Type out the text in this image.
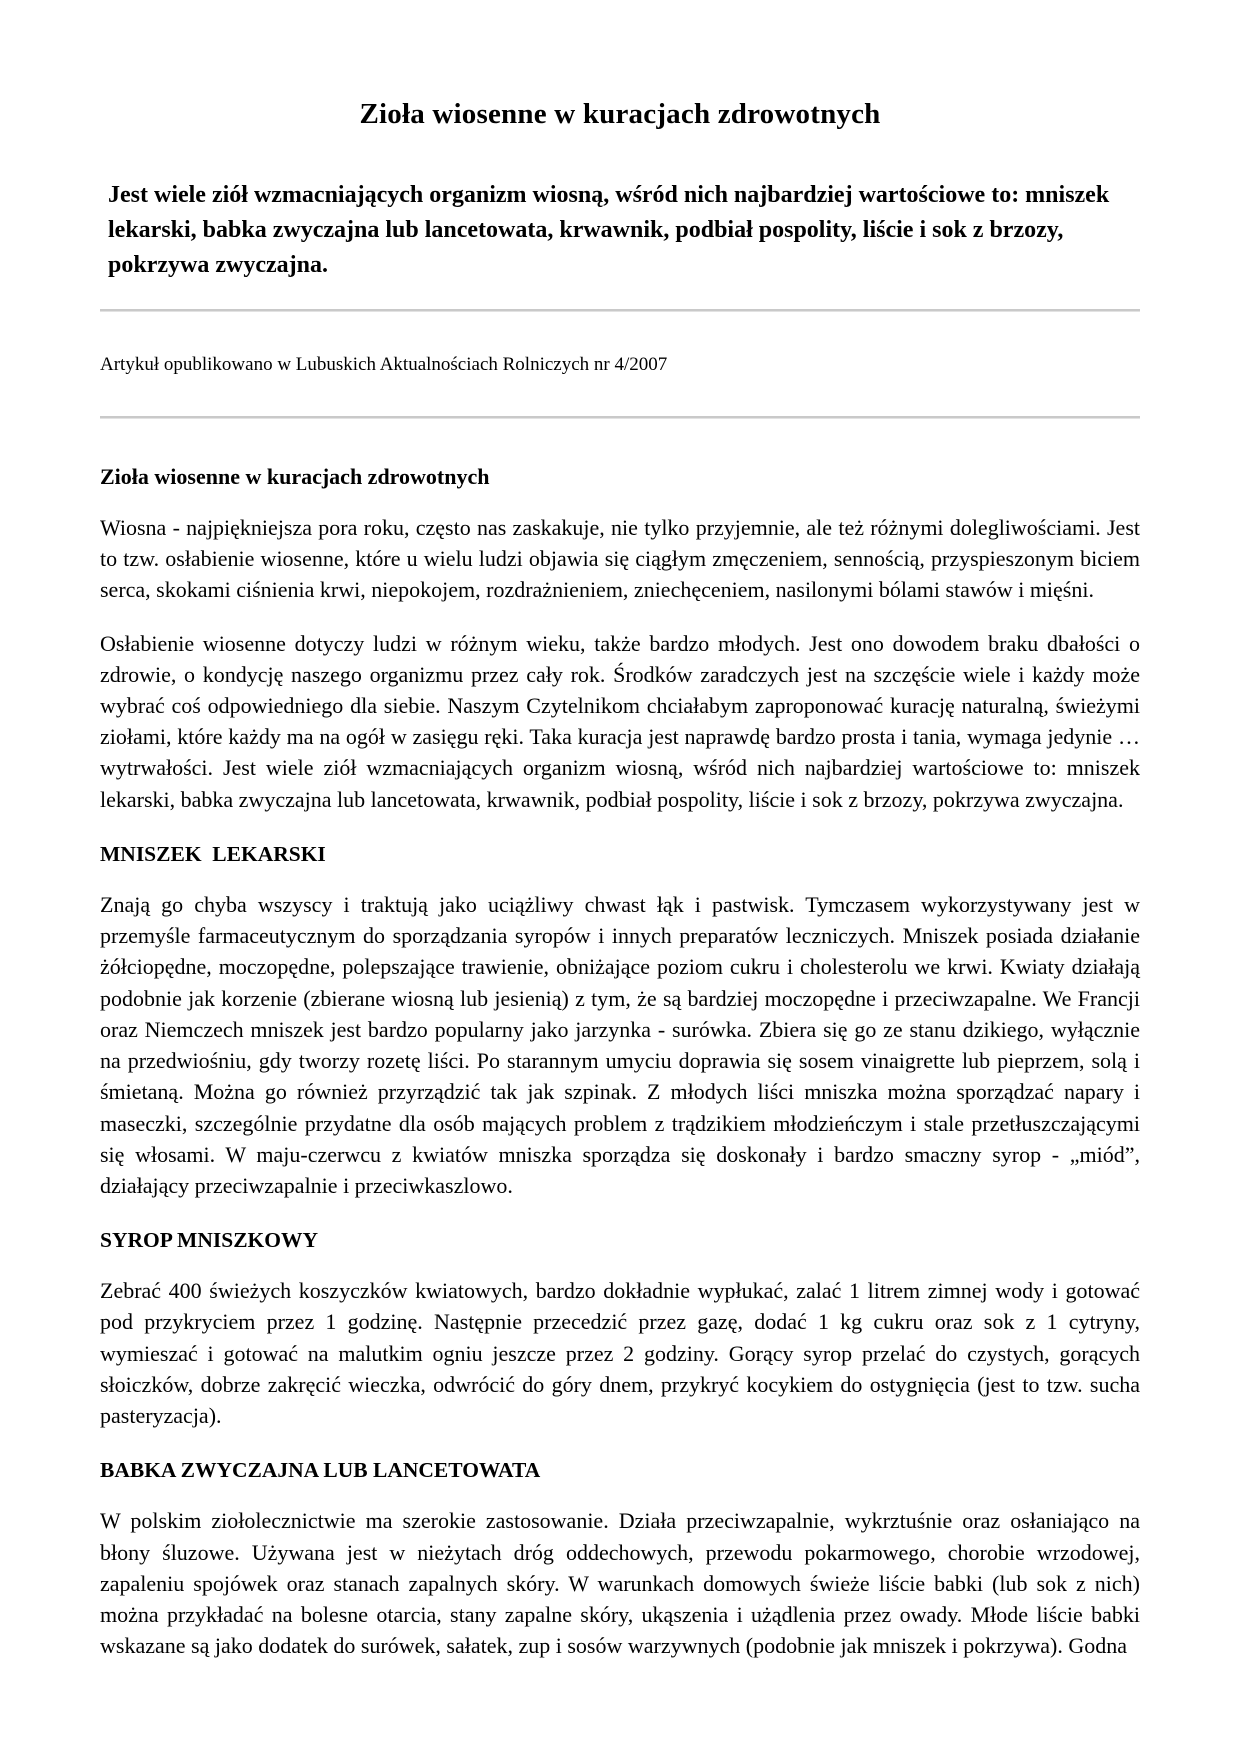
Zioła wiosenne w kuracjach zdrowotnych

Jest wiele ziół wzmacniających organizm wiosną, wśród nich najbardziej wartościowe to: mniszek lekarski, babka zwyczajna lub lancetowata, krwawnik, podbiał pospolity, liście i sok z brzozy, pokrzywa zwyczajna.

Artykuł opublikowano w Lubuskich Aktualnościach Rolniczych nr 4/2007

Zioła wiosenne w kuracjach zdrowotnych

Wiosna - najpiękniejsza pora roku, często nas zaskakuje, nie tylko przyjemnie, ale też różnymi dolegliwościami. Jest to tzw. osłabienie wiosenne, które u wielu ludzi objawia się ciągłym zmęczeniem, sennością, przyspieszonym biciem serca, skokami ciśnienia krwi, niepokojem, rozdrażnieniem, zniechęceniem, nasilonymi bólami stawów i mięśni.

Osłabienie wiosenne dotyczy ludzi w różnym wieku, także bardzo młodych. Jest ono dowodem braku dbałości o zdrowie, o kondycję naszego organizmu przez cały rok. Środków zaradczych jest na szczęście wiele i każdy może wybrać coś odpowiedniego dla siebie. Naszym Czytelnikom chciałabym zaproponować kurację naturalną, świeżymi ziołami, które każdy ma na ogół w zasięgu ręki. Taka kuracja jest naprawdę bardzo prosta i tania, wymaga jedynie … wytrwałości. Jest wiele ziół wzmacniających organizm wiosną, wśród nich najbardziej wartościowe to: mniszek lekarski, babka zwyczajna lub lancetowata, krwawnik, podbiał pospolity, liście i sok z brzozy, pokrzywa zwyczajna.

MNISZEK  LEKARSKI

Znają go chyba wszyscy i traktują jako uciążliwy chwast łąk i pastwisk. Tymczasem wykorzystywany jest w przemyśle farmaceutycznym do sporządzania syropów i innych preparatów leczniczych. Mniszek posiada działanie żółciopędne, moczopędne, polepszające trawienie, obniżające poziom cukru i cholesterolu we krwi. Kwiaty działają podobnie jak korzenie (zbierane wiosną lub jesienią) z tym, że są bardziej moczopędne i przeciwzapalne. We Francji oraz Niemczech mniszek jest bardzo popularny jako jarzynka - surówka. Zbiera się go ze stanu dzikiego, wyłącznie na przedwiośniu, gdy tworzy rozetę liści. Po starannym umyciu doprawia się sosem vinaigrette lub pieprzem, solą i śmietaną. Można go również przyrządzić tak jak szpinak. Z młodych liści mniszka można sporządzać napary i maseczki, szczególnie przydatne dla osób mających problem z trądzikiem młodzieńczym i stale przetłuszczającymi się włosami. W maju-czerwcu z kwiatów mniszka sporządza się doskonały i bardzo smaczny syrop - „miód”, działający przeciwzapalnie i przeciwkaszlowo.

SYROP MNISZKOWY

Zebrać 400 świeżych koszyczków kwiatowych, bardzo dokładnie wypłukać, zalać 1 litrem zimnej wody i gotować pod przykryciem przez 1 godzinę. Następnie przecedzić przez gazę, dodać 1 kg cukru oraz sok z 1 cytryny, wymieszać i gotować na malutkim ogniu jeszcze przez 2 godziny. Gorący syrop przelać do czystych, gorących słoiczków, dobrze zakręcić wieczka, odwrócić do góry dnem, przykryć kocykiem do ostygnięcia (jest to tzw. sucha pasteryzacja).

BABKA ZWYCZAJNA LUB LANCETOWATA

W polskim ziołolecznictwie ma szerokie zastosowanie. Działa przeciwzapalnie, wykrztuśnie oraz osłaniająco na błony śluzowe. Używana jest w nieżytach dróg oddechowych, przewodu pokarmowego, chorobie wrzodowej, zapaleniu spojówek oraz stanach zapalnych skóry. W warunkach domowych świeże liście babki (lub sok z nich) można przykładać na bolesne otarcia, stany zapalne skóry, ukąszenia i użądlenia przez owady. Młode liście babki wskazane są jako dodatek do surówek, sałatek, zup i sosów warzywnych (podobnie jak mniszek i pokrzywa). Godna
